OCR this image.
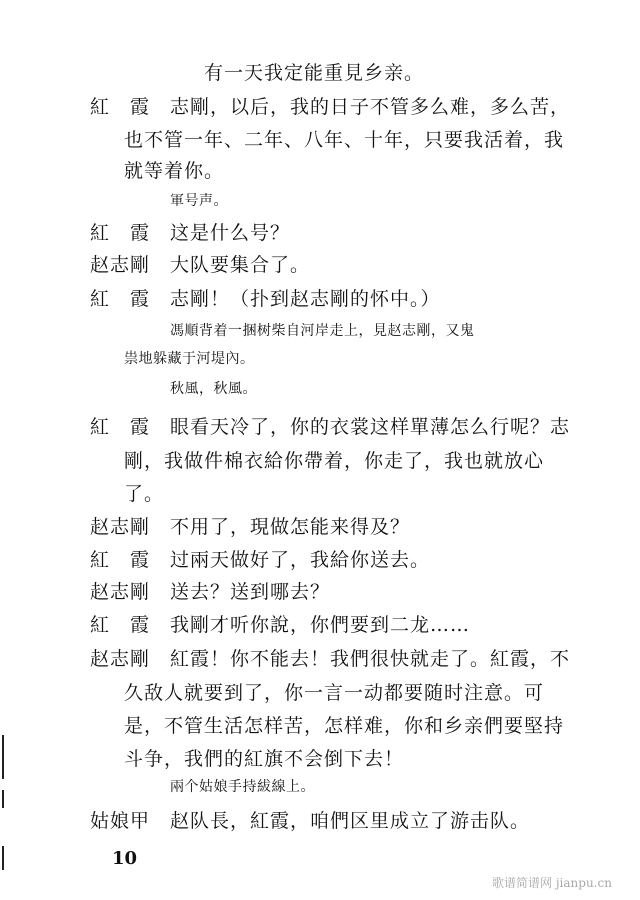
有一天我定能重見乡亲。
紅　霞 志剛，以后，我的日子不管多么难，多么苦，
也不管一年、二年、八年、十年，只要我活着，我
就等着你。
軍号声。
紅　霞 这是什么号？
赵志剛 大队要集合了。
紅　霞 志剛！（扑到赵志剛的怀中。）
馮順背着一捆树柴自河岸走上，見赵志剛，又鬼
祟地躲藏于河堤內。
秋風，秋風。
紅　霞 眼看天冷了，你的衣裳这样單薄怎么行呢？志
剛，我做件棉衣給你帶着，你走了，我也就放心
了。
赵志剛 不用了，現做怎能来得及？
紅　霞 过兩天做好了，我給你送去。
赵志剛 送去？送到哪去？
紅　霞 我剛才听你說，你們要到二龙……
赵志剛 紅霞！你不能去！我們很快就走了。紅霞，不
久敌人就要到了，你一言一动都要随时注意。可
是，不管生活怎样苦，怎样难，你和乡亲們要堅持
斗争，我們的紅旗不会倒下去！
兩个姑娘手持紱線上。
姑娘甲 赵队長，紅霞，咱們区里成立了游击队。
10
歌谱简谱网 jianpu.cn
